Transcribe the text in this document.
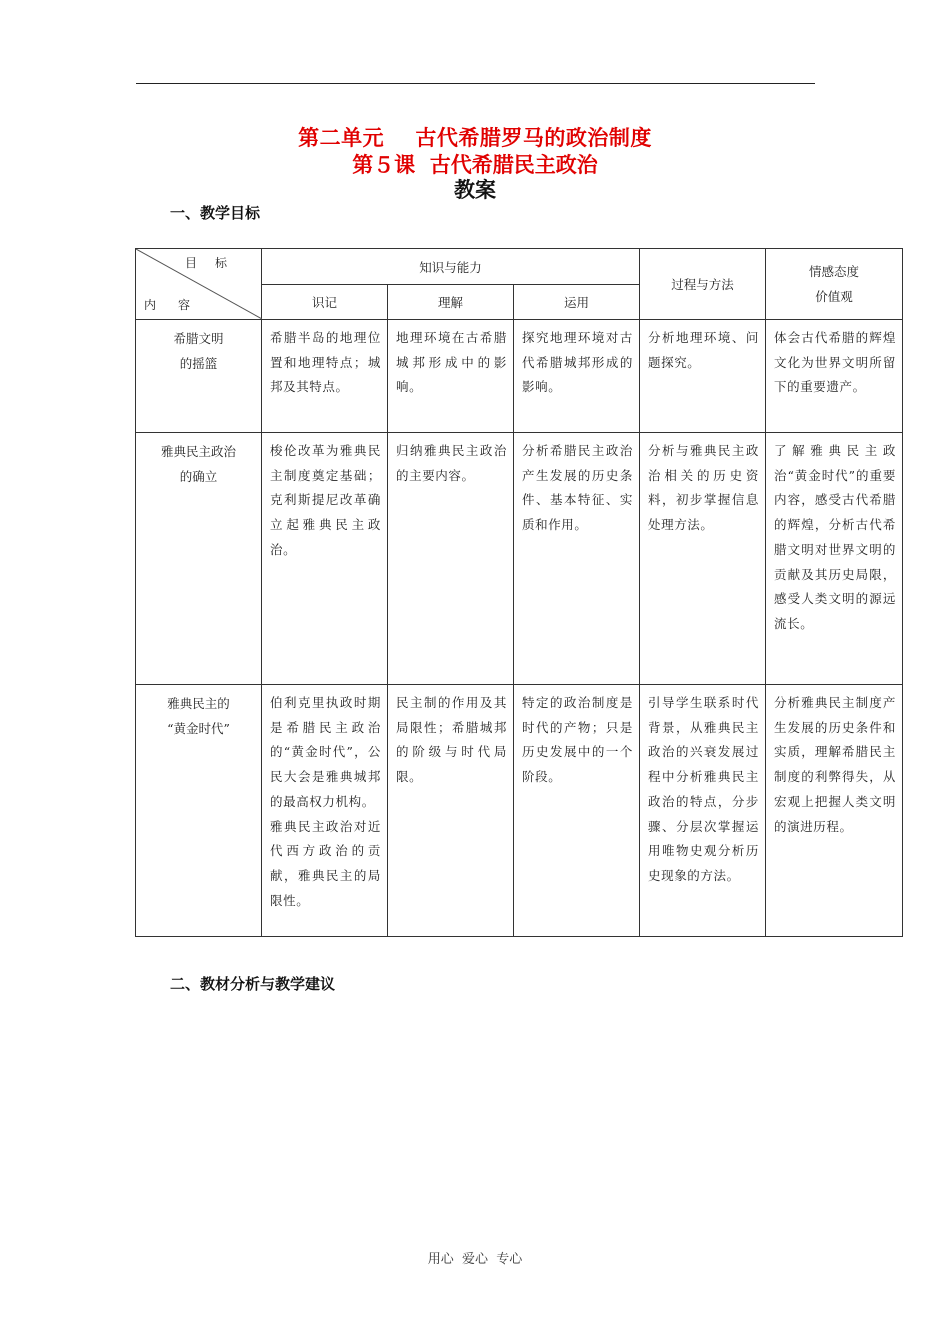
第二单元    古代希腊罗马的政治制度
第５课  古代希腊民主政治
教案
一、教学目标
目标
内容	知识与能力			过程与方法	情感态度
价值观
	识记	理解	运用		
希腊文明
的摇篮	希腊半岛的地理位置和地理特点；城邦及其特点。	地理环境在古希腊城邦形成中的影响。	探究地理环境对古代希腊城邦形成的影响。	分析地理环境、问题探究。	体会古代希腊的辉煌文化为世界文明所留下的重要遗产。
雅典民主政治
的确立	梭伦改革为雅典民主制度奠定基础；克利斯提尼改革确立起雅典民主政治。	归纳雅典民主政治的主要内容。	分析希腊民主政治产生发展的历史条件、基本特征、实质和作用。	分析与雅典民主政治相关的历史资料，初步掌握信息处理方法。	了解雅典民主政治“黄金时代”的重要内容，感受古代希腊的辉煌，分析古代希腊文明对世界文明的贡献及其历史局限，感受人类文明的源远流长。
雅典民主的
“黄金时代”	伯利克里执政时期是希腊民主政治的“黄金时代”，公民大会是雅典城邦的最高权力机构。
雅典民主政治对近代西方政治的贡献，雅典民主的局限性。	民主制的作用及其局限性；希腊城邦的阶级与时代局限。	特定的政治制度是时代的产物；只是历史发展中的一个阶段。	引导学生联系时代背景，从雅典民主政治的兴衰发展过程中分析雅典民主政治的特点，分步骤、分层次掌握运用唯物史观分析历史现象的方法。	分析雅典民主制度产生发展的历史条件和实质，理解希腊民主制度的利弊得失，从宏观上把握人类文明的演进历程。
二、教材分析与教学建议
用心  爱心  专心
